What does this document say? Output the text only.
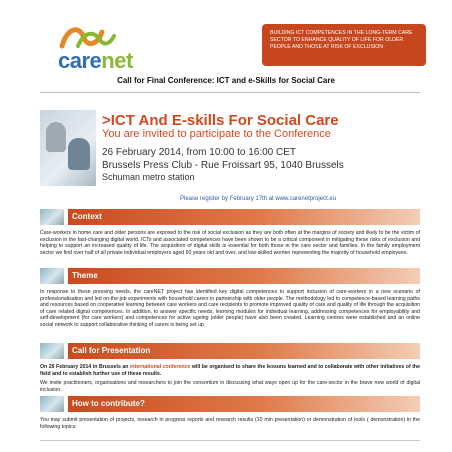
carenet
BUILDING ICT COMPETENCES IN THE LONG-TERM CARE SECTOR TO ENHANCE QUALITY OF LIFE FOR OLDER PEOPLE AND THOSE AT RISK OF EXCLUSION
Call for Final Conference: ICT and e-Skills for Social Care
>ICT And E-skills For Social Care
You are invited to participate to the Conference
26 February 2014, from 10:00 to 16:00 CET
Brussels Press Club - Rue Froissart 95, 1040 Brussels
Schuman metro station
Please register by February 17th at www.carenetproject.eu
Context
Care-workers in home care and older persons are exposed to the risk of social exclusion as they are both often at the margins of society and likely to be the victim of exclusion in the fast-changing digital world. ICTs and associated competences have been shown to be a critical component in mitigating these risks of exclusion and helping to support an increased quality of life. The acquisition of digital skills is essential for both those in the care sector and families. In the family employment sector we find over half of all private individual employers aged 60 years old and over, and low-skilled women representing the majority of household employees.
Theme
In response to these pressing needs, the careNET project has identified key digital competences to support inclusion of care-workers in a new scenario of professionalisation and led on-the-job experiments with household carers in partnership with older people. The methodology led to competence-based learning paths and resources based on cooperative learning between care workers and care recipients to promote improved quality of care and quality of life through the acquisition of care related digital competences. In addition, to answer specific needs, learning modules for individual learning, addressing competences for employability and self-development (for care workers) and competences for active ageing (older people) have also been created. Learning centres were established and an online social network to support collaborative thinking of carers is being set up.
Call for Presentation
On 26 February 2014 in Brussels an international conference will be organised to share the lessons learned and to collaborate with other initiatives of the field and to establish further use of these results.
We invite practitioners, organisations and researchers to join the consortium in discussing what ways open up for the care-sector in the brave new world of digital inclusion.
How to contribute?
You may submit presentation of projects, research in progress reports and research results (10 min presentation) or demonstration of tools ( demonstration) in the following topics:
